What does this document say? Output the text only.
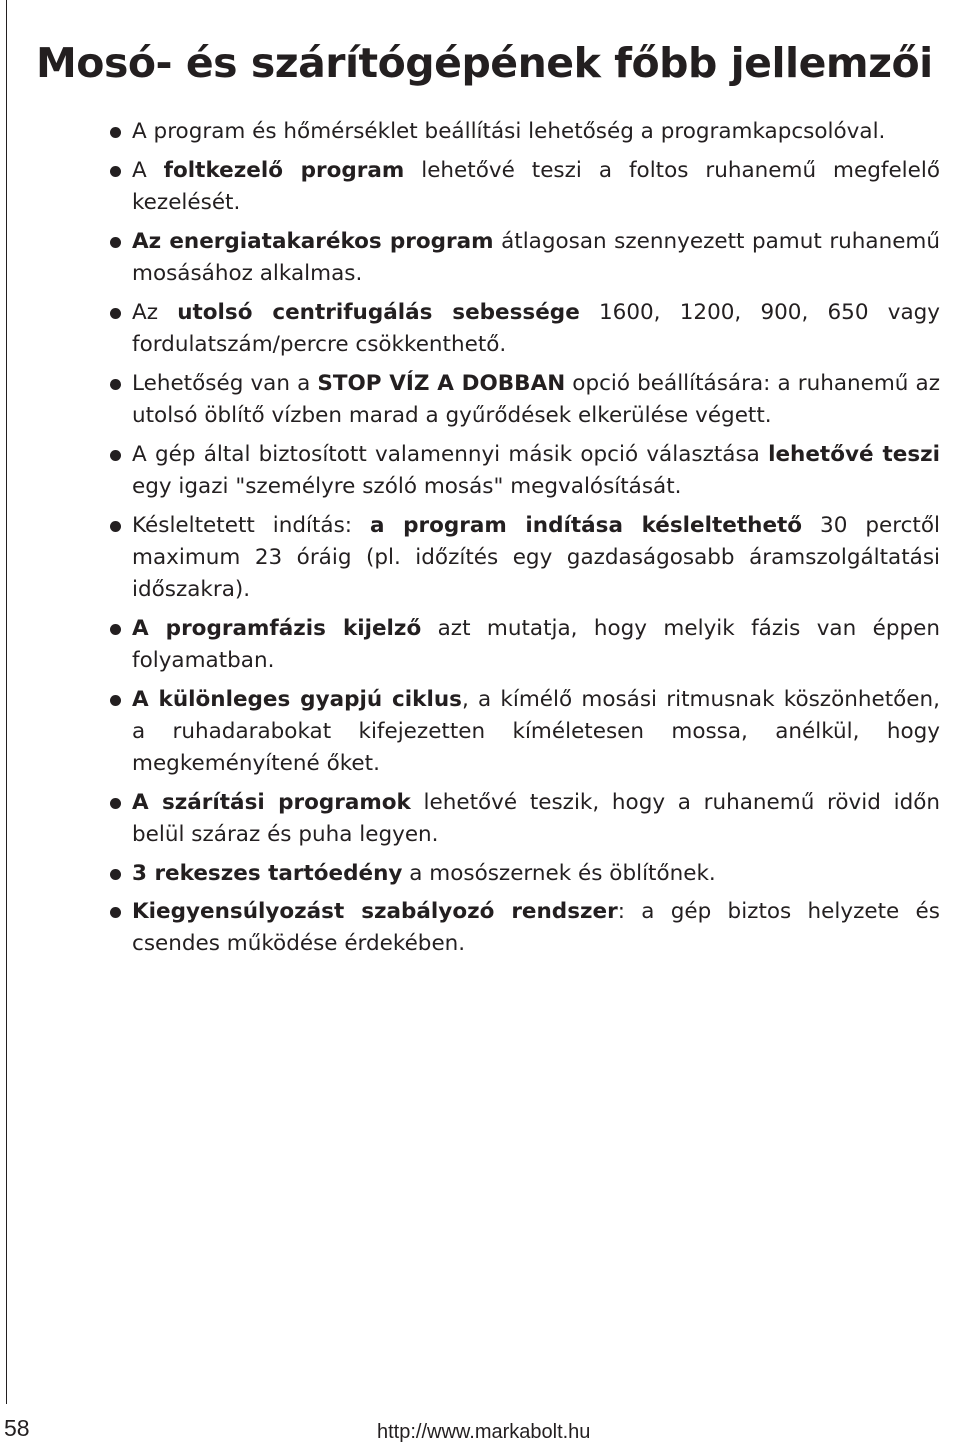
Mosó- és szárítógépének főbb jellemzői
A program és hőmérséklet beállítási lehetőség a programkapcsolóval.
A foltkezelő program lehetővé teszi a foltos ruhanemű megfelelő kezelését.
Az energiatakarékos program átlagosan szennyezett pamut ruhanemű mosásához alkalmas.
Az utolsó centrifugálás sebessége 1600, 1200, 900, 650 vagy fordulatszám/percre csökkenthető.
Lehetőség van a STOP VÍZ A DOBBAN opció beállítására: a ruhanemű az utolsó öblítő vízben marad a gyűrődések elkerülése végett.
A gép által biztosított valamennyi másik opció választása lehetővé teszi egy igazi "személyre szóló mosás" megvalósítását.
Késleltetett indítás: a program indítása késleltethető 30 perctől maximum 23 óráig (pl. időzítés egy gazdaságosabb áramszolgáltatási időszakra).
A programfázis kijelző azt mutatja, hogy melyik fázis van éppen folyamatban.
A különleges gyapjú ciklus, a kímélő mosási ritmusnak köszönhetően, a ruhadarabokat kifejezetten kíméletesen mossa, anélkül, hogy megkeményítené őket.
A szárítási programok lehetővé teszik, hogy a ruhanemű rövid időn belül száraz és puha legyen.
3 rekeszes tartóedény a mosószernek és öblítőnek.
Kiegyensúlyozást szabályozó rendszer: a gép biztos helyzete és csendes működése érdekében.
58	http://www.markabolt.hu
